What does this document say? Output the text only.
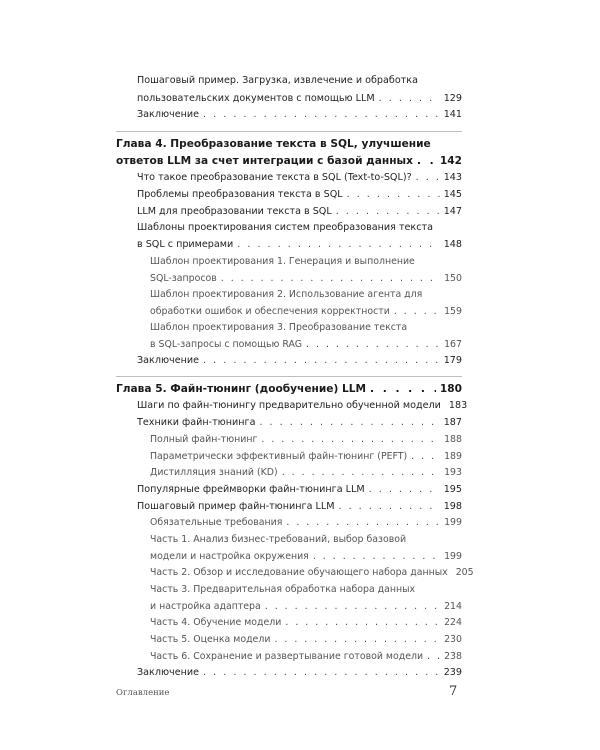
Пошаговый пример. Загрузка, извлечение и обработка
пользовательских документов с помощью LLM . . .	129
Заключение . . .	141
Глава 4. Преобразование текста в SQL, улучшение
ответов LLM за счет интеграции с базой данных . . .	142
Что такое преобразование текста в SQL (Text-to-SQL)? . . .	143
Проблемы преобразования текста в SQL . . .	145
LLM для преобразовании текста в SQL . . .	147
Шаблоны проектирования систем преобразования текста
в SQL с примерами . . .	148
Шаблон проектирования 1. Генерация и выполнение
SQL-запросов . . .	150
Шаблон проектирования 2. Использование агента для
обработки ошибок и обеспечения корректности . . .	159
Шаблон проектирования 3. Преобразование текста
в SQL-запросы с помощью RAG . . .	167
Заключение . . .	179
Глава 5. Файн-тюнинг (дообучение) LLM . . .	180
Шаги по файн-тюнингу предварительно обученной модели 183
Техники файн-тюнинга . . .	187
Полный файн-тюнинг . . .	188
Параметрически эффективный файн-тюнинг (PEFT) . . .	189
Дистилляция знаний (KD) . . .	193
Популярные фреймворки файн-тюнинга LLM . . .	195
Пошаговый пример файн-тюнинга LLM . . .	198
Обязательные требования . . .	199
Часть 1. Анализ бизнес-требований, выбор базовой
модели и настройка окружения . . .	199
Часть 2. Обзор и исследование обучающего набора данных 205
Часть 3. Предварительная обработка набора данных
и настройка адаптера . . .	214
Часть 4. Обучение модели . . .	224
Часть 5. Оценка модели . . .	230
Часть 6. Сохранение и развертывание готовой модели . . . 238
Заключение . . .	239
Оглавление	7
